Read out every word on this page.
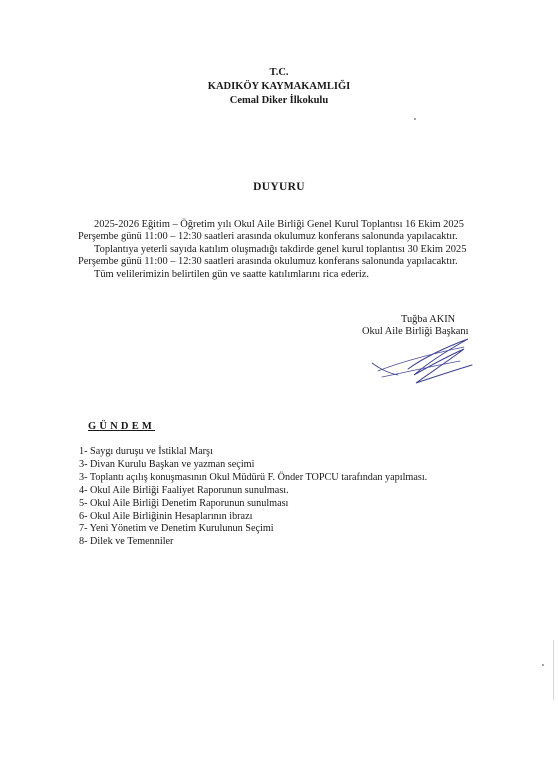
T.C.
KADIKÖY KAYMAKAMLIĞI
Cemal Diker İlkokulu
DUYURU

2025-2026 Eğitim – Öğretim yılı Okul Aile Birliği Genel Kurul Toplantısı 16 Ekim 2025

Perşembe günü 11:00 – 12:30 saatleri arasında okulumuz konferans salonunda yapılacaktır.

Toplantıya yeterli sayıda katılım oluşmadığı takdirde genel kurul toplantısı 30 Ekim 2025

Perşembe günü 11:00 – 12:30 saatleri arasında okulumuz konferans salonunda yapılacaktır.

Tüm velilerimizin belirtilen gün ve saatte katılımlarını rica ederiz.

Tuğba AKIN
Okul Aile Birliği Başkanı
GÜNDEM
1- Saygı duruşu ve İstiklal Marşı
3- Divan Kurulu Başkan ve yazman seçimi
3- Toplantı açılış konuşmasının Okul Müdürü F. Önder TOPCU tarafından yapılması.
4- Okul Aile Birliği Faaliyet Raporunun sunulması.
5- Okul Aile Birliği Denetim Raporunun sunulması
6- Okul Aile Birliğinin Hesaplarının ibrazı
7- Yeni Yönetim ve Denetim Kurulunun Seçimi
8- Dilek ve Temenniler
